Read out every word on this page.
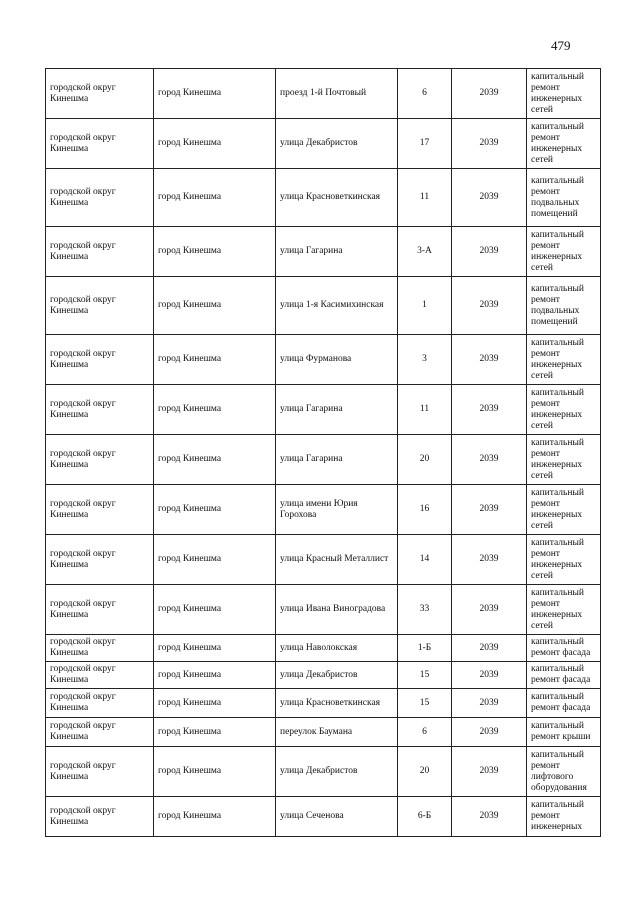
479
городской округ Кинешма	город Кинешма	проезд 1-й Почтовый	6	2039	капитальный ремонт инженерных сетей
городской округ Кинешма	город Кинешма	улица Декабристов	17	2039	капитальный ремонт инженерных сетей
городской округ Кинешма	город Кинешма	улица Красноветкинская	11	2039	капитальный ремонт подвальных помещений
городской округ Кинешма	город Кинешма	улица Гагарина	3-А	2039	капитальный ремонт инженерных сетей
городской округ Кинешма	город Кинешма	улица 1-я Касимихинская	1	2039	капитальный ремонт подвальных помещений
городской округ Кинешма	город Кинешма	улица Фурманова	3	2039	капитальный ремонт инженерных сетей
городской округ Кинешма	город Кинешма	улица Гагарина	11	2039	капитальный ремонт инженерных сетей
городской округ Кинешма	город Кинешма	улица Гагарина	20	2039	капитальный ремонт инженерных сетей
городской округ Кинешма	город Кинешма	улица имени Юрия Горохова	16	2039	капитальный ремонт инженерных сетей
городской округ Кинешма	город Кинешма	улица Красный Металлист	14	2039	капитальный ремонт инженерных сетей
городской округ Кинешма	город Кинешма	улица Ивана Виноградова	33	2039	капитальный ремонт инженерных сетей
городской округ Кинешма	город Кинешма	улица Наволокская	1-Б	2039	капитальный ремонт фасада
городской округ Кинешма	город Кинешма	улица Декабристов	15	2039	капитальный ремонт фасада
городской округ Кинешма	город Кинешма	улица Красноветкинская	15	2039	капитальный ремонт фасада
городской округ Кинешма	город Кинешма	переулок Баумана	6	2039	капитальный ремонт крыши
городской округ Кинешма	город Кинешма	улица Декабристов	20	2039	капитальный ремонт лифтового оборудования
городской округ Кинешма	город Кинешма	улица Сеченова	6-Б	2039	капитальный ремонт инженерных
